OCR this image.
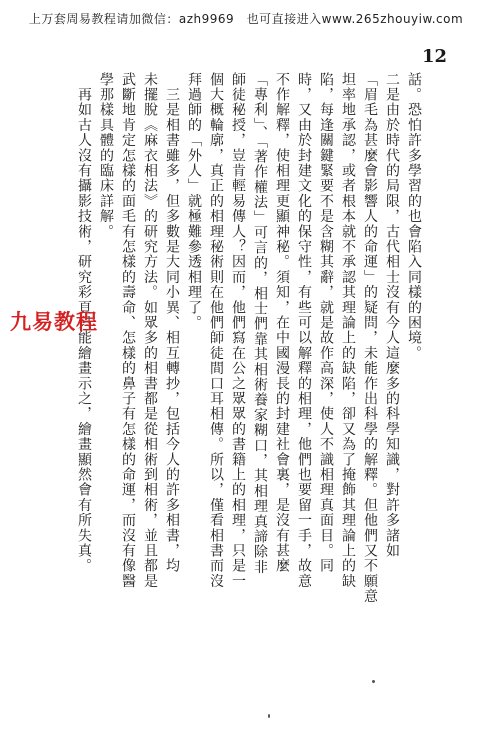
上万套周易教程请加微信：azh9969　也可直接进入www.265zhouyiw.com
12
話。恐怕許多學習的也會陷入同樣的困境。
二是由於時代的局限，古代相士沒有今人這麼多的科學知識，對許多諸如
「眉毛為甚麼會影響人的命運」的疑問，未能作出科學的解釋。但他們又不願意
坦率地承認，或者根本就不承認其理論上的缺陷，卻又為了掩飾其理論上的缺
陷，每逢關鍵緊要不是含糊其辭，就是故作高深，使人不識相理真面目。同
時，又由於封建文化的保守性，有些可以解釋的相理，他們也要留一手，故意
不作解釋，使相理更顯神秘。須知，在中國漫長的封建社會裏，是沒有甚麼
「專利」、「著作權法」可言的，相士們靠其相術養家糊口，其相理真諦除非
師徒秘授，豈肯輕易傳人？因而，他們寫在公之眾眾的書籍上的相理，只是一
個大概輪廓，真正的相理秘術則在他們師徒間口耳相傳。所以，僅看相書而沒
拜過師的「外人」就極難參透相理了。
　三是相書雖多，但多數是大同小異、相互轉抄，包括今人的許多相書，均
未擺脫《麻衣相法》的研究方法。如眾多的相書都是從相術到相術，並且都是
武斷地肯定怎樣的面毛有怎樣的壽命、怎樣的鼻子有怎樣的命運，而沒有像醫
學那樣具體的臨床詳解。
　再如古人沒有攝影技術，研究彩頁只能繪畫示之，繪畫顯然會有所失真。
九易教程
